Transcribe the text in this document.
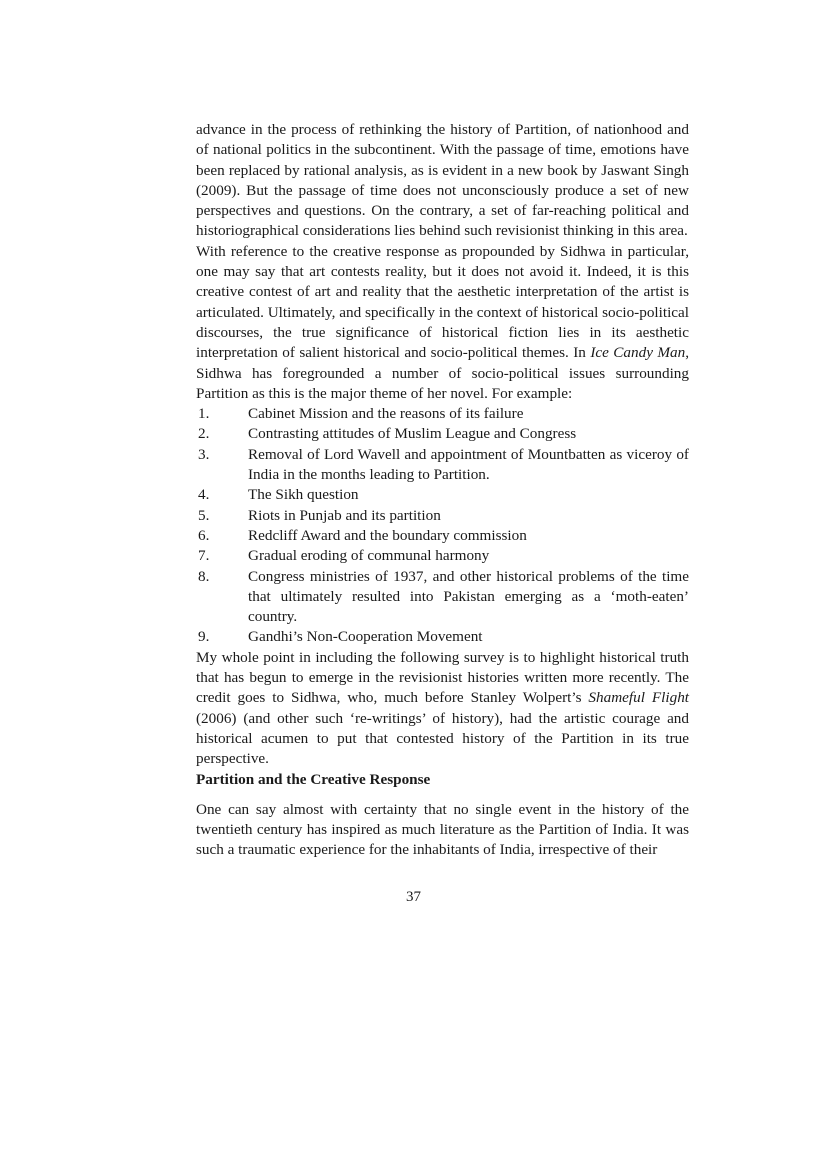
advance in the process of rethinking the history of Partition, of nationhood and of national politics in the subcontinent. With the passage of time, emotions have been replaced by rational analysis, as is evident in a new book by Jaswant Singh (2009). But the passage of time does not unconsciously produce a set of new perspectives and questions. On the contrary, a set of far-reaching political and historiographical considerations lies behind such revisionist thinking in this area.

With reference to the creative response as propounded by Sidhwa in particular, one may say that art contests reality, but it does not avoid it. Indeed, it is this creative contest of art and reality that the aesthetic interpretation of the artist is articulated. Ultimately, and specifically in the context of historical socio-political discourses, the true significance of historical fiction lies in its aesthetic interpretation of salient historical and socio-political themes. In Ice Candy Man, Sidhwa has foregrounded a number of socio-political issues surrounding Partition as this is the major theme of her novel. For example:

1.	Cabinet Mission and the reasons of its failure
2.	Contrasting attitudes of Muslim League and Congress
3.	Removal of Lord Wavell and appointment of Mountbatten as viceroy of India in the months leading to Partition.
4.	The Sikh question
5.	Riots in Punjab and its partition
6.	Redcliff Award and the boundary commission
7.	Gradual eroding of communal harmony
8.	Congress ministries of 1937, and other historical problems of the time that ultimately resulted into Pakistan emerging as a ‘moth-eaten’ country.
9.	Gandhi’s Non-Cooperation Movement

My whole point in including the following survey is to highlight historical truth that has begun to emerge in the revisionist histories written more recently. The credit goes to Sidhwa, who, much before Stanley Wolpert’s Shameful Flight (2006) (and other such ‘re-writings’ of history), had the artistic courage and historical acumen to put that contested history of the Partition in its true perspective.

Partition and the Creative Response

One can say almost with certainty that no single event in the history of the twentieth century has inspired as much literature as the Partition of India. It was such a traumatic experience for the inhabitants of India, irrespective of their

37
